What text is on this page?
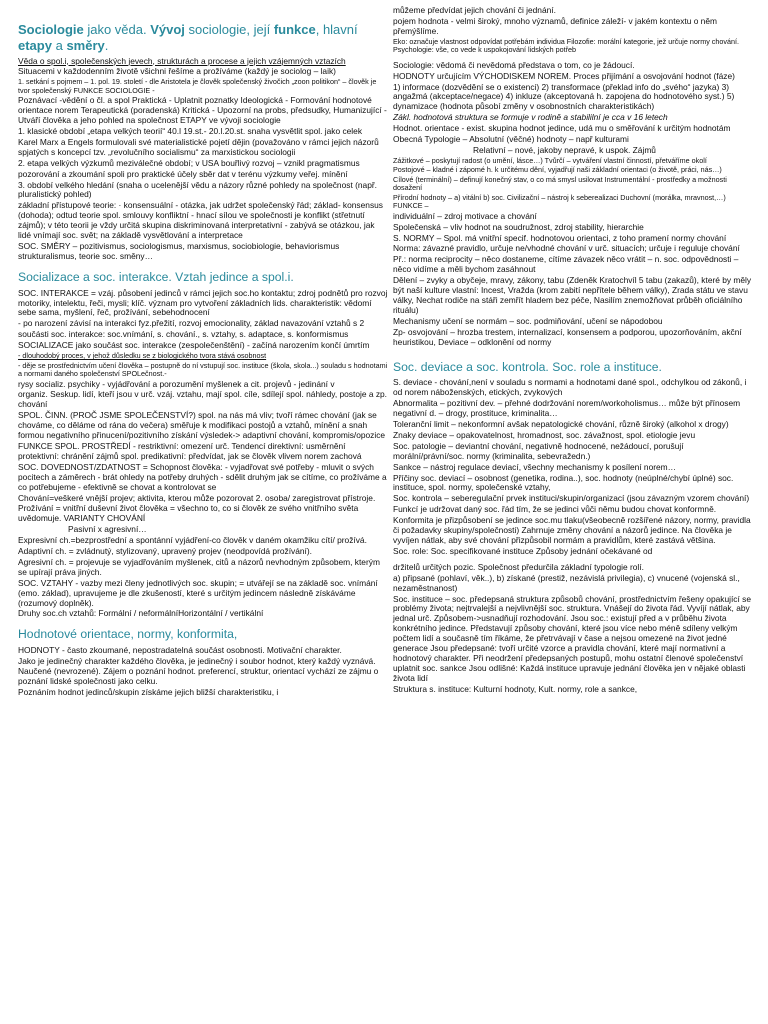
Sociologie jako věda. Vývoj sociologie, její funkce, hlavní etapy a směry.

Věda o spol.i, společenských jevech, strukturách a procese a jejich vzájemných vztazích

Situacemi v každodenním životě všichni řešíme a prožíváme (každý je sociolog – laik)

1. setkání s pojmem – 1. pol. 19. století - dle Aristotela je člověk společenský živočich „zoon politikon“ – člověk je tvor společenský FUNKCE SOCIOLOGIE -

Poznávací -vědění o čl. a spol Praktická - Uplatnit poznatky Ideologická - Formování hodnotové orientace norem Terapeutická (poradenská) Kritická - Upozorní na probs, předsudky, Humanizující - Utváří člověka a jeho pohled na společnost ETAPY ve vývoji sociologie

1. klasické období „etapa velkých teorií“ 40.l 19.st.- 20.l.20.st. snaha vysvětlit spol. jako celek

Karel Marx a Engels formulovali své materialistické pojetí dějin (považováno v rámci jejich názorů spjatých s koncepcí tzv. „revolučního socialismu“ za marxistickou sociologii

2. etapa velkých výzkumů meziválečné období; v USA bouřlivý rozvoj – vznikl pragmatismus

pozorování a zkoumání spoli pro praktické účely sběr dat v terénu výzkumy veřej. mínění

3. období velkého hledání (snaha o ucelenější vědu a názory různé pohledy na společnost (např. pluralistický pohled)

základní přístupové teorie: · konsensuální - otázka, jak udržet společenský řád; základ- konsensus (dohoda); odtud teorie spol. smlouvy konfliktní - hnací sílou ve společnosti je konflikt (střetnutí zájmů); v této teorii je vždy určitá skupina diskriminovaná interpretativní - zabývá se otázkou, jak lidé vnímají soc. svět; na základě vysvětlování a interpretace

SOC. SMĚRY – pozitivismus, sociologismus, marxismus, sociobiologie, behaviorismus strukturalismus, teorie soc. směny…

Socializace a soc. interakce. Vztah jedince a spol.i.

SOC. INTERAKCE = vzáj. působení jedinců v rámci jejich soc.ho kontaktu; zdroj podnětů pro rozvoj motoriky, intelektu, řeči, mysli; klíč. význam pro vytvoření základních lids. charakteristik: vědomí sebe sama, myšlení, řeč, prožívání, sebehodnocení

- po narození závisí na interakci fyz.přežití, rozvoj emocionality, základ navazování vztahů s 2

součásti soc. interakce: soc.vnímání, s. chování., s. vztahy, s. adaptace, s. konformismus

SOCIALIZACE jako součást soc. interakce (zespolečenštění) - začíná narozením končí úmrtím

- dlouhodobý proces, v jehož důsledku se z biologického tvora stává osobnost

- děje se prostřednictvím učení člověka – postupně do ní vstupují soc. instituce (škola, skola...) souladu s hodnotami a normami daného společenství SPOLečnost.-

rysy socializ. psychiky - vyjádřování a porozumění myšlenek a cit. projevů - jedinání v

organiz. Seskup. lidí, kteří jsou v urč. vzáj. vztahu, mají spol. cíle, sdílejí spol. náhledy, postoje a zp. chování

SPOL. ČINN. (PROČ JSME SPOLEČENSTVÍ?) spol. na nás má vliv; tvoří rámec chování (jak se chováme, co děláme od rána do večera) směřuje k modifikaci postojů a vztahů, mínění a snah formou negativního přinucení/pozitivního získání výsledek-> adaptivní chování, kompromis/opozice

FUNKCE SPOL. PROSTŘEDÍ - restriktivní: omezení urč. Tendencí direktivní: usměrnění protektivní: chránění zájmů spol. predikativní: předvídat, jak se člověk vlivem norem zachová

SOC. DOVEDNOST/ZDATNOST = Schopnost člověka: - vyjadřovat své potřeby - mluvit o svých pocitech a záměrech - brát ohledy na potřeby druhých - sdělit druhým jak se cítíme, co prožíváme a co potřebujeme - efektivně se chovat a kontrolovat se

Chování=veškeré vnější projev; aktivita, kterou může pozorovat 2. osoba/ zaregistrovat přístroje.

Prožívání = vnitřní duševní život člověka = všechno to, co si člověk ze svého vnitřního světa uvědomuje. VARIANTY CHOVÁNÍ

Pasivní x agresivní…

Expresivní ch.=bezprostřední a spontánní vyjádření-co člověk v daném okamžiku cítí/ prožívá.

Adaptivní ch. = zvládnutý, stylizovaný, upravený projev (neodpovídá prožívání).

Agresivní ch. = projevuje se vyjadřováním myšlenek, citů a názorů nevhodným způsobem, kterým se upírají práva jiných.

SOC. VZTAHY - vazby mezi členy jednotlivých soc. skupin; = utvářejí se na základě soc. vnímání (emo. základ), upravujeme je dle zkušeností, které s určitým jedincem následně získáváme (rozumový doplněk).

Druhy soc.ch vztahů: Formální / neformálníHorizontální / vertikální

Hodnotové orientace, normy, konformita,

HODNOTY - často zkoumané, nepostradatelná součást osobnosti. Motivační charakter.

Jako je jedinečný charakter každého člověka, je jedinečný i soubor hodnot, který každý vyznává. Naučené (nevrozené). Zájem o poznání hodnot. preferencí, struktur, orientací vychází ze zájmu o poznání lidské společnosti jako celku.

Poznáním hodnot jedinců/skupin získáme jejich bližší charakteristiku, i

můžeme předvídat jejich chování či jednání.

pojem hodnota - velmi široký, mnoho významů, definice záleží- v jakém kontextu o něm přemýšlíme.

Eko: označuje vlastnost odpovídat potřebám individua Filozofie: morální kategorie, jež určuje normy chování. Psychologie: vše, co vede k uspokojování lidských potřeb

Sociologie: vědomá či nevědomá představa o tom, co je žádoucí.

HODNOTY určujícím VÝCHODISKEM NOREM. Proces přijímání a osvojování hodnot (fáze)

1) informace (dozvědění se o existenci) 2) transformace (překlad info do „svého“ jazyka) 3) angažmá (akceptace/negace) 4) inkluze (akceptovaná h. zapojena do hodnotového syst.) 5) dynamizace (hodnota působí změny v osobnostních charakteristikách)

Zákl. hodnotová struktura se formuje v rodině a stabililní je cca v 16 letech

Hodnot. orientace - exist. skupina hodnot jedince, udá mu o směřování k určitým hodnotám

Obecná Typologie – Absolutní (věčné) hodnoty – např kulturami

Relativní – nové, jakoby nepravé, k uspok. Zájmů

Zážitkové – poskytují radost (o umění, lásce…) Tvůrčí – vytváření vlastní činností, přetváříme okolí

Postojové – kladné i zápomé h. k určitému dění, vyjadřují naši základní orientaci (o životě, práci, nás…)

Cílové (terminální) – definují konečný stav, o co má smysl usilovat Instrumentální - prostředky a možnosti dosažení

Přírodní hodnoty – a) vitální b) soc. Civilizační – nástroj k seberealizaci Duchovní (morálka, mravnost,…) FUNKCE –

individuální – zdroj motivace a chování

Společenská – vliv hodnot na soudružnost, zdroj stability, hierarchie

S. NORMY – Spol. má vnitřní specif. hodnotovou orientaci, z toho pramení normy chování

Norma: závazné pravidlo, určuje ne/vhodné chování v urč. situacích; určuje i reguluje chování

Př.: norma reciprocity – něco dostaneme, cítíme závazek něco vrátit – n. soc. odpovědnosti – něco vidíme a měli bychom zasáhnout

Dělení – zvyky a obyčeje, mravy, zákony, tabu (Zdeněk Kratochvíl 5 tabu (zakazů), které by měly být naší kulture vlastní: Incest, Vražda (krom zabití nepřítele během války), Zrada státu ve stavu války, Nechat rodiče na stáři zemřít hladem bez péče, Nasilím znemožňovat průběh oficiálního rituálu)

Mechanismy učení se normám – soc. podmiňování, učení se nápodobou

Zp- osvojování – hrozba trestem, internalizací, konsensem a podporou, upozorňováním, akční heuristikou, Deviace – odklonění od normy

Soc. deviace a soc. kontrola. Soc. role a instituce.

S. deviace - chování,není v souladu s normami a hodnotami dané spol., odchylkou od zákonů, i od norem náboženských, etických, zvykových

Abnormalita – pozitivní dev. – přehné dodržování norem/workoholismus… může být přínosem negativní d. – drogy, prostituce, kriminalita…

Toleranční limit – nekonformní avšak nepatologické chování, různě široký (alkohol x drogy)

Znaky deviace – opakovatelnost, hromadnost, soc. závažnost, spol. etiologie jevu

Soc. patologie – deviantní chování, negativně hodnocené, nežádoucí, porušují morální/právní/soc. normy (kriminalita, sebevražedn.)

Sankce – nástroj regulace deviací, všechny mechanismy k posílení norem…

Příčiny soc. deviací – osobnost (genetika, rodina..), soc. hodnoty (neúplné/chybí úplné) soc. instituce, spol. normy, společenské vztahy,

Soc. kontrola – seberegulační prvek instituci/skupin/organizací (jsou závazným vzorem chování)

Funkcí je udržovat daný soc. řád tím, že se jedinci vůči němu budou chovat konformně.

Konformita je přizpůsobení se jedince soc.mu tlaku(všeobecně rozšířené názory, normy, pravidla či požadavky skupiny/společnosti) Zahrnuje změny chování a názorů jedince. Na člověka je vyvíjen nátlak, aby své chování přizpůsobil normám a pravidlům, které zastává většina.

Soc. role: Soc. specifikované instituce Způsoby jednání očekávané od

držitelů určitých pozic. Společnost předurčila základní typologie rolí.

a) připsané (pohlaví, věk..), b) získané (prestiž, nezávislá privilegia), c) vnucené (vojenská sl., nezaměstnanost)

Soc. instituce – soc. předepsaná struktura způsobů chování, prostřednictvím řešeny opakující se problémy života; nejtrvalejší a nejvlivnější soc. struktura. Vnášejí do života řád. Vyvíjí nátlak, aby jednal urč. Způsobem->usnadňují rozhodování. Jsou soc.: existují před a v průběhu života konkrétního jedince. Představují způsoby chování, které jsou více nebo méně sdíleny velkým počtem lidí a současně tím říkáme, že přetrvávají v čase a nejsou omezené na život jedné generace Jsou předepsané: tvoří určité vzorce a pravidla chování, které mají normativní a hodnotový charakter. Při neodržení předepsaných postupů, mohu ostatní členové společenství uplatnit soc. sankce Jsou odlišné: Každá instituce upravuje jednání člověka jen v nějaké oblasti života lidí

Struktura s. instituce: Kulturní hodnoty, Kult. normy, role a sankce,
